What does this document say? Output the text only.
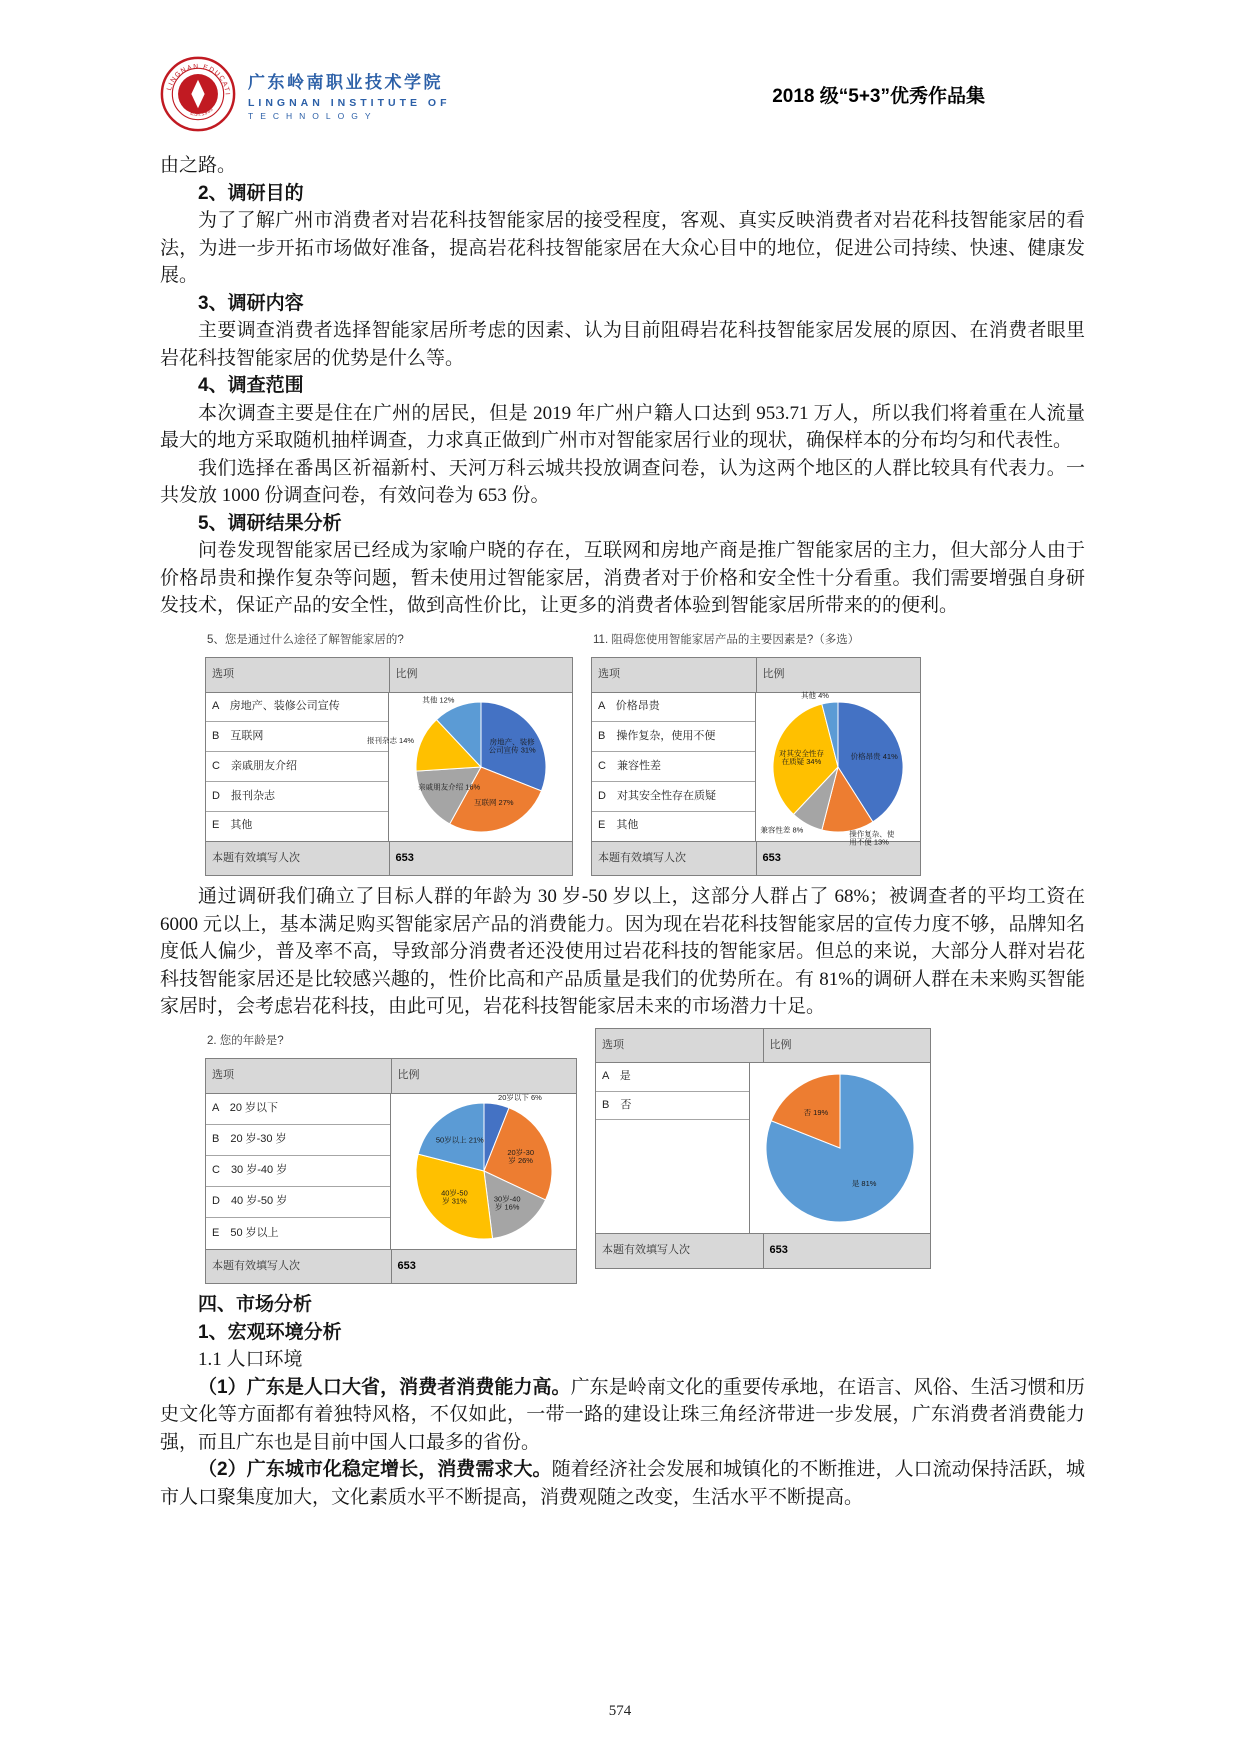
LINGNAN EDUCATION
EST.1993
广东岭南职业技术学院
LINGNAN INSTITUTE OF
TECHNOLOGY
2018 级“5+3”优秀作品集

由之路。

2、调研目的

为了了解广州市消费者对岩花科技智能家居的接受程度，客观、真实反映消费者对岩花科技智能家居的看法，为进一步开拓市场做好准备，提高岩花科技智能家居在大众心目中的地位，促进公司持续、快速、健康发展。

3、调研内容

主要调查消费者选择智能家居所考虑的因素、认为目前阻碍岩花科技智能家居发展的原因、在消费者眼里岩花科技智能家居的优势是什么等。

4、调查范围

本次调查主要是住在广州的居民，但是 2019 年广州户籍人口达到 953.71 万人，所以我们将着重在人流量最大的地方采取随机抽样调查，力求真正做到广州市对智能家居行业的现状，确保样本的分布均匀和代表性。

我们选择在番禺区祈福新村、天河万科云城共投放调查问卷，认为这两个地区的人群比较具有代表力。一共发放 1000 份调查问卷，有效问卷为 653 份。

5、调研结果分析

问卷发现智能家居已经成为家喻户晓的存在，互联网和房地产商是推广智能家居的主力，但大部分人由于价格昂贵和操作复杂等问题，暂未使用过智能家居，消费者对于价格和安全性十分看重。我们需要增强自身研发技术，保证产品的安全性，做到高性价比，让更多的消费者体验到智能家居所带来的的便利。

5、您是通过什么途径了解智能家居的?
选项	比例
A　房地产、装修公司宣传
B　互联网
C　亲戚朋友介绍
D　报刊杂志
E　其他
房地产、装修公司宣传 31%
互联网 27%
亲戚朋友介绍 16%
报刊杂志 14%
其他 12%
本题有效填写人次	653
11. 阻碍您使用智能家居产品的主要因素是?（多选）
选项	比例
A　价格昂贵
B　操作复杂，使用不便
C　兼容性差
D　对其安全性存在质疑
E　其他
价格昂贵 41%
操作复杂、使用不便 13%
兼容性差 8%
对其安全性存在质疑 34%
其他 4%
本题有效填写人次	653

通过调研我们确立了目标人群的年龄为 30 岁-50 岁以上，这部分人群占了 68%；被调查者的平均工资在 6000 元以上，基本满足购买智能家居产品的消费能力。因为现在岩花科技智能家居的宣传力度不够，品牌知名度低人偏少，普及率不高，导致部分消费者还没使用过岩花科技的智能家居。但总的来说，大部分人群对岩花科技智能家居还是比较感兴趣的，性价比高和产品质量是我们的优势所在。有 81%的调研人群在未来购买智能家居时，会考虑岩花科技，由此可见，岩花科技智能家居未来的市场潜力十足。

2. 您的年龄是?
选项	比例
A　20 岁以下
B　20 岁-30 岁
C　30 岁-40 岁
D　40 岁-50 岁
E　50 岁以上
20岁以下 6%
20岁-30 岁 26%
30岁-40 岁 16%
40岁-50 岁 31%
50岁以上 21%
本题有效填写人次	653
选项	比例
A　是
B　否
是 81%
否 19%
本题有效填写人次	653

四、市场分析

1、宏观环境分析

1.1 人口环境

（1）广东是人口大省，消费者消费能力高。广东是岭南文化的重要传承地，在语言、风俗、生活习惯和历史文化等方面都有着独特风格，不仅如此，一带一路的建设让珠三角经济带进一步发展，广东消费者消费能力强，而且广东也是目前中国人口最多的省份。

（2）广东城市化稳定增长，消费需求大。随着经济社会发展和城镇化的不断推进，人口流动保持活跃，城市人口聚集度加大，文化素质水平不断提高，消费观随之改变，生活水平不断提高。

574
